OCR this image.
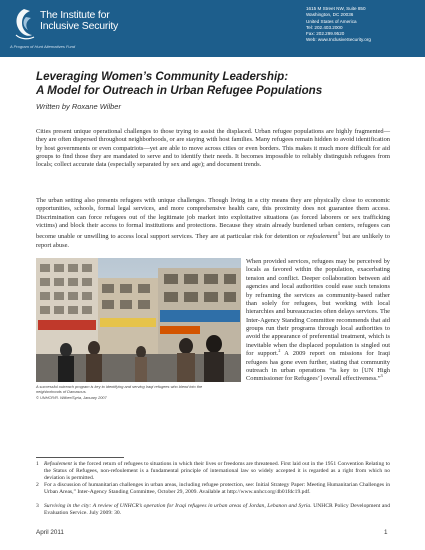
The Institute for
Inclusive Security
A Program of Hunt Alternatives Fund
1615 M Street NW, Suite 850
Washington, DC 20036
United States of America
Tel: 202.403.2000
Fax: 202.299.9520
Web: www.InclusiveSecurity.org
Leveraging Women’s Community Leadership:
A Model for Outreach in Urban Refugee Populations
Written by Roxane Wilber
Cities present unique operational challenges to those trying to assist the displaced. Urban refugee populations are highly fragmented—they are often dispersed throughout neighborhoods, or are staying with host families. Many refugees remain hidden to avoid identification by host governments or even compatriots—yet are able to move across cities or even borders. This makes it much more difficult for aid groups to find those they are mandated to serve and to identify their needs. It becomes impossible to reliably distinguish refugees from locals; collect accurate data (especially separated by sex and age); and document trends.
The urban setting also presents refugees with unique challenges. Though living in a city means they are physically close to economic opportunities, schools, formal legal services, and more comprehensive health care, this proximity does not guarantee them access. Discrimination can force refugees out of the legitimate job market into exploitative situations (as forced laborers or sex trafficking victims) and block their access to formal institutions and protections. Because they strain already burdened urban centers, refugees can become unable or unwilling to access local support services. They are at particular risk for detention or refoulement$^1$ but are unlikely to report abuse.
A successful outreach program is key to identifying and serving Iraqi refugees who blend into the
neighborhoods of Damascus.
© UNHCR/R. Wilber/Syria, January 2007
When provided services, refugees may be perceived by locals as favored within the population, exacerbating tension and conflict. Deeper collaboration between aid agencies and local authorities could ease such tensions by reframing the services as community-based rather than solely for refugees, but working with local hierarchies and bureaucracies often delays services. The Inter-Agency Standing Committee recommends that aid groups run their programs through local authorities to avoid the appearance of preferential treatment, which is inevitable when the displaced population is singled out for support.$^2$ A 2009 report on missions for Iraqi refugees has gone even further, stating that community outreach in urban operations “is key to [UN High Commissioner for Refugees’] overall effectiveness.”$^3$
1 Refoulement is the forced return of refugees to situations in which their lives or freedoms are threatened. First laid out in the 1951 Convention Relating to the Status of Refugees, non-refoulement is a fundamental principle of international law so widely accepted it is regarded as a right from which no deviation is permitted.
2 For a discussion of humanitarian challenges in urban areas, including refugee protection, see: Initial Strategy Paper: Meeting Humanitarian Challenges in Urban Areas,” Inter-Agency Standing Committee, October 29, 2009. Available at http://www.unhcr.org/4b01fdc19.pdf.
3 Surviving in the city: A review of UNHCR’s operation for Iraqi refugees in urban areas of Jordan, Lebanon and Syria. UNHCR Policy Development and Evaluation Service. July 2009: 30.
April 2011	1
